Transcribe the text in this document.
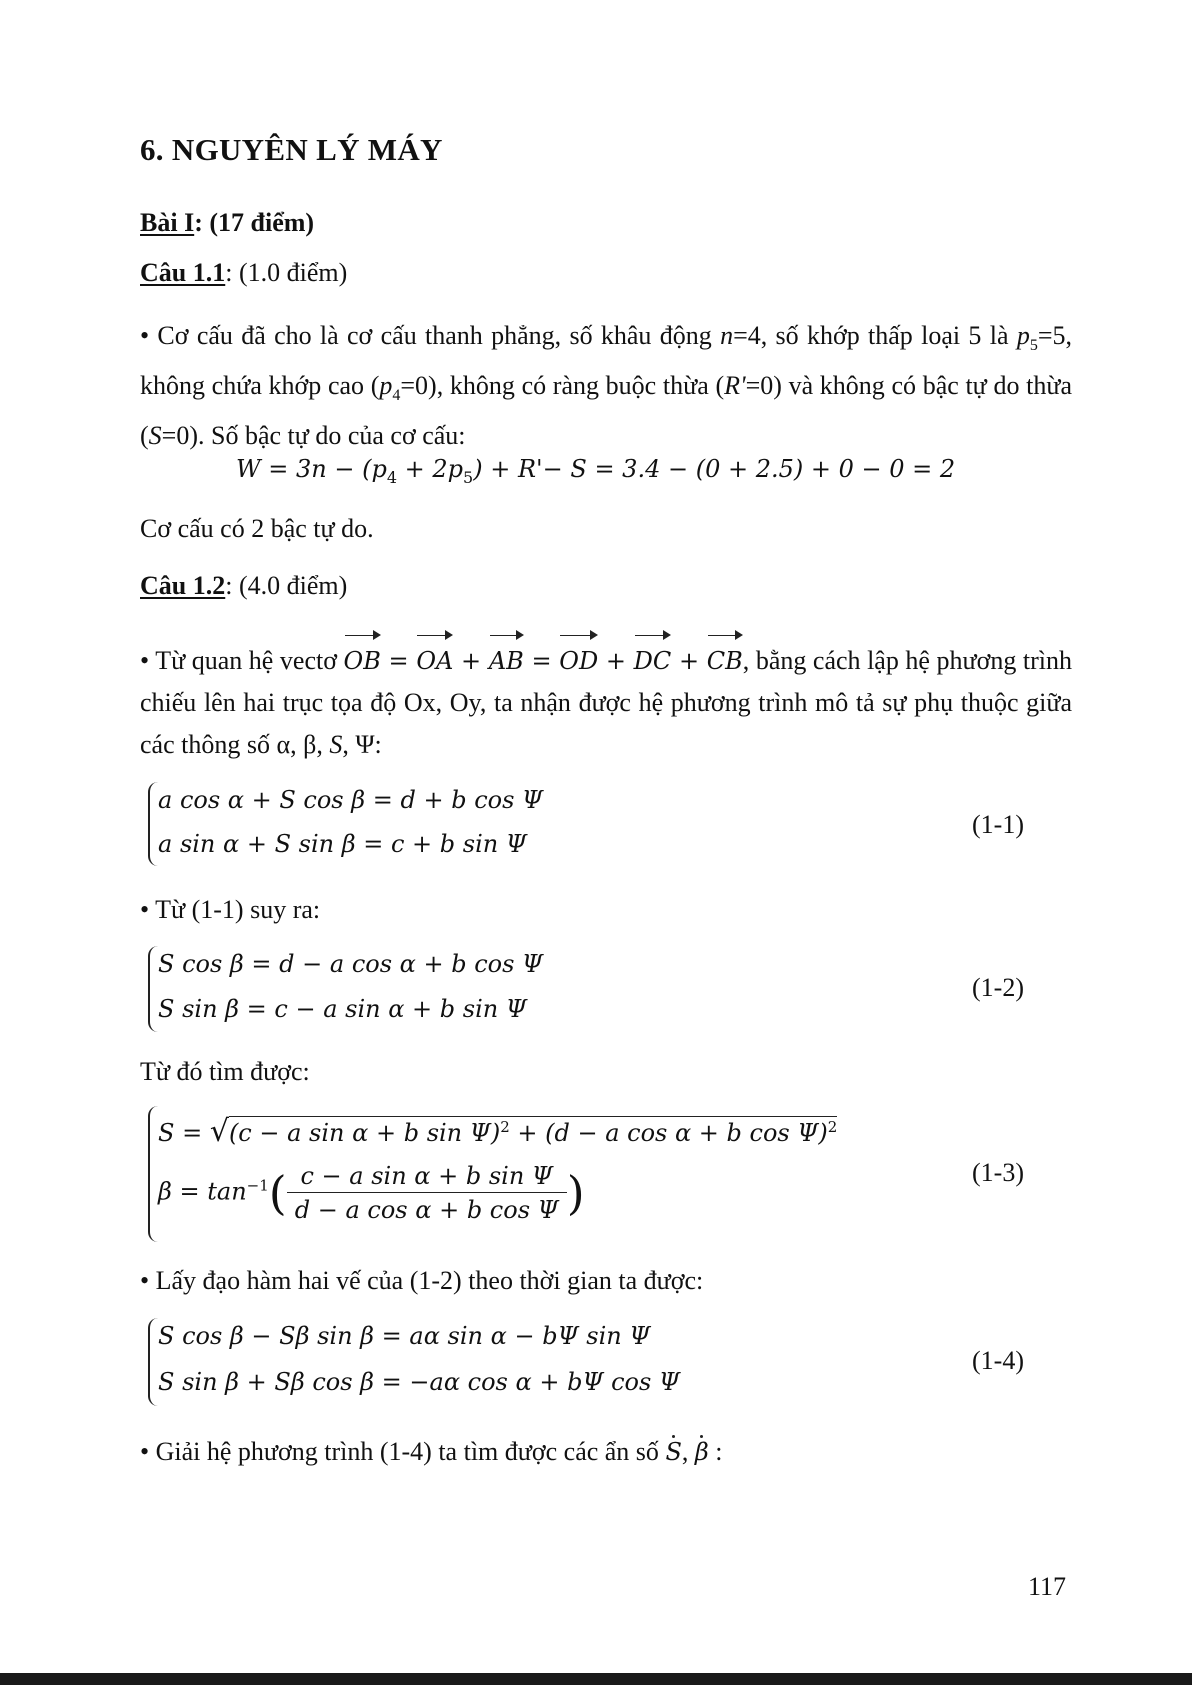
6. NGUYÊN LÝ MÁY
Bài I: (17 điểm)
Câu 1.1: (1.0 điểm)
• Cơ cấu đã cho là cơ cấu thanh phẳng, số khâu động n=4, số khớp thấp loại 5 là $p_5=5$, không chứa khớp cao $(p_4=0)$, không có ràng buộc thừa (R'=0) và không có bậc tự do thừa (S=0). Số bậc tự do của cơ cấu:
$W = 3n - (p_4 + 2p_5) + R'- S = 3.4 - (0 + 2.5) + 0 - 0 = 2$
Cơ cấu có 2 bậc tự do.
Câu 1.2: (4.0 điểm)
• Từ quan hệ vectơ OB = OA + AB = OD + DC + CB, bằng cách lập hệ phương trình chiếu lên hai trục tọa độ Ox, Oy, ta nhận được hệ phương trình mô tả sự phụ thuộc giữa các thông số α, β, S, Ψ:
a cos α + S cos β = d + b cos Ψ
a sin α + S sin β = c + b sin Ψ
(1-1)
• Từ (1-1) suy ra:
S cos β = d − a cos α + b cos Ψ
S sin β = c − a sin α + b sin Ψ
(1-2)
Từ đó tìm được:
S = √(c − a sin α + b sin Ψ)$^2$ + (d − a cos α + b cos Ψ)$^2$
$\beta = \tan^{-1}( \frac{\text{c − a sin α + b sin Ψ}}{\text{d − a cos α + b cos Ψ}}$ )	(1-3)
• Lấy đạo hàm hai vế của (1-2) theo thời gian ta được:
S cos β − Sβ sin β = aα sin α − bΨ sin Ψ
S sin β + Sβ cos β = −aα cos α + bΨ cos Ψ
(1-4)
• Giải hệ phương trình (1-4) ta tìm được các ẩn số S, β :
117
